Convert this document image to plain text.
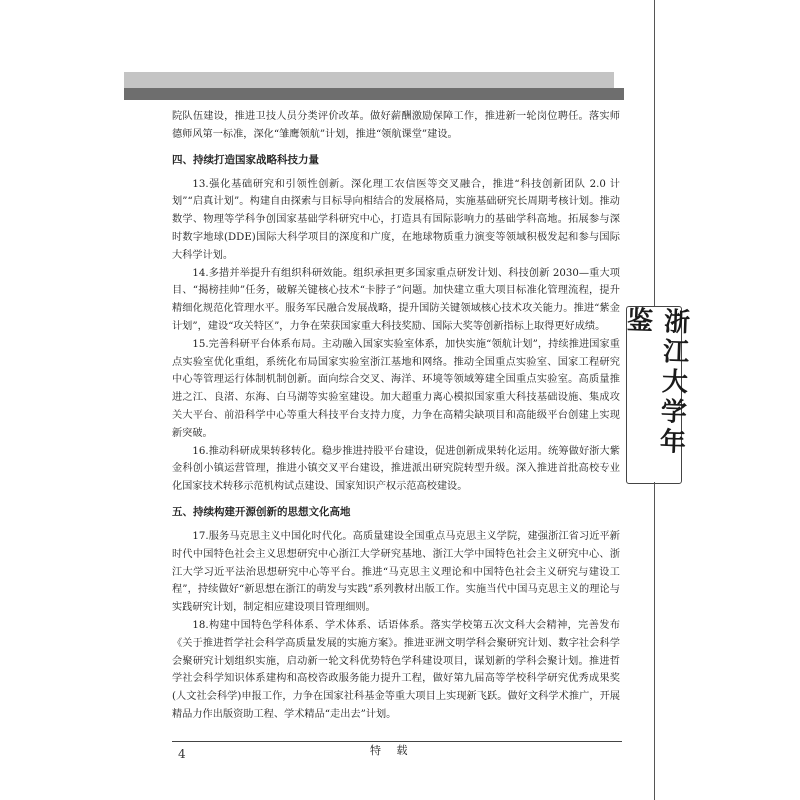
浙江大学年鉴

院队伍建设，推进卫技人员分类评价改革。做好薪酬激励保障工作，推进新一轮岗位聘任。落实师德师风第一标准，深化“雏鹰领航”计划，推进“领航课堂”建设。

四、持续打造国家战略科技力量

13.强化基础研究和引领性创新。深化理工农信医等交叉融合，推进“科技创新团队 2.0 计划”“启真计划”。构建自由探索与目标导向相结合的发展格局，实施基础研究长周期考核计划。推动数学、物理等学科争创国家基础学科研究中心，打造具有国际影响力的基础学科高地。拓展参与深时数字地球(DDE)国际大科学项目的深度和广度，在地球物质重力演变等领域积极发起和参与国际大科学计划。

14.多措并举提升有组织科研效能。组织承担更多国家重点研发计划、科技创新 2030—重大项目、“揭榜挂帅”任务，破解关键核心技术“卡脖子”问题。加快建立重大项目标准化管理流程，提升精细化规范化管理水平。服务军民融合发展战略，提升国防关键领域核心技术攻关能力。推进“紫金计划”，建设“攻关特区”，力争在荣获国家重大科技奖励、国际大奖等创新指标上取得更好成绩。

15.完善科研平台体系布局。主动融入国家实验室体系，加快实施“领航计划”，持续推进国家重点实验室优化重组，系统化布局国家实验室浙江基地和网络。推动全国重点实验室、国家工程研究中心等管理运行体制机制创新。面向综合交叉、海洋、环境等领域筹建全国重点实验室。高质量推进之江、良渚、东海、白马湖等实验室建设。加大超重力离心模拟国家重大科技基础设施、集成攻关大平台、前沿科学中心等重大科技平台支持力度，力争在高精尖缺项目和高能级平台创建上实现新突破。

16.推动科研成果转移转化。稳步推进持股平台建设，促进创新成果转化运用。统筹做好浙大紫金科创小镇运营管理，推进小镇交叉平台建设，推进派出研究院转型升级。深入推进首批高校专业化国家技术转移示范机构试点建设、国家知识产权示范高校建设。

五、持续构建开源创新的思想文化高地

17.服务马克思主义中国化时代化。高质量建设全国重点马克思主义学院，建强浙江省习近平新时代中国特色社会主义思想研究中心浙江大学研究基地、浙江大学中国特色社会主义研究中心、浙江大学习近平法治思想研究中心等平台。推进“马克思主义理论和中国特色社会主义研究与建设工程”，持续做好“新思想在浙江的萌发与实践”系列教材出版工作。实施当代中国马克思主义的理论与实践研究计划，制定相应建设项目管理细则。

18.构建中国特色学科体系、学术体系、话语体系。落实学校第五次文科大会精神，完善发布《关于推进哲学社会科学高质量发展的实施方案》。推进亚洲文明学科会聚研究计划、数字社会科学会聚研究计划组织实施，启动新一轮文科优势特色学科建设项目，谋划新的学科会聚计划。推进哲学社会科学知识体系建构和高校咨政服务能力提升工程，做好第九届高等学校科学研究优秀成果奖(人文社会科学)申报工作，力争在国家社科基金等重大项目上实现新飞跃。做好文科学术推广，开展精品力作出版资助工程、学术精品“走出去”计划。

4	特 载
